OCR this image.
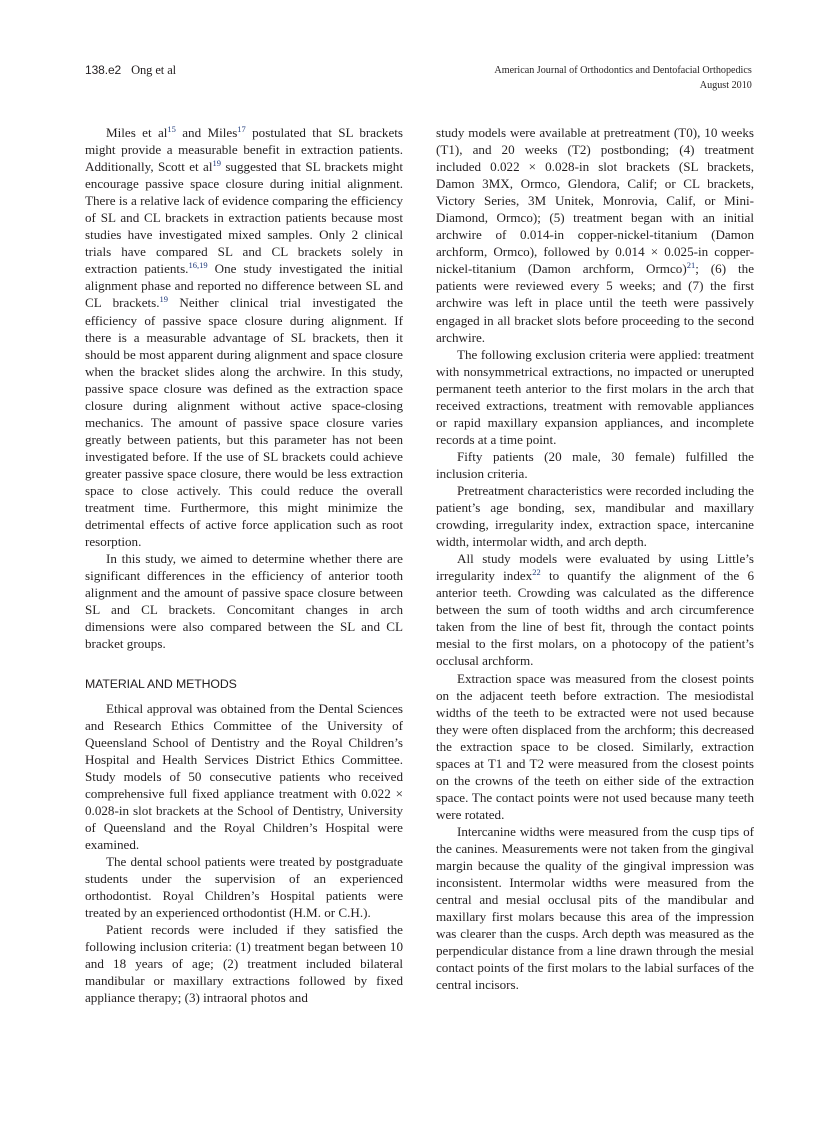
138.e2 Ong et al	American Journal of Orthodontics and Dentofacial Orthopedics
August 2010

Miles et $al^{15}$ and Miles$^{17}$ postulated that SL brackets might provide a measurable benefit in extraction patients. Additionally, Scott et $al^{19}$ suggested that SL brackets might encourage passive space closure during initial alignment. There is a relative lack of evidence comparing the efficiency of SL and CL brackets in extraction patients because most studies have investigated mixed samples. Only 2 clinical trials have compared SL and CL brackets solely in extraction patients.$^{16,19}$ One study investigated the initial alignment phase and reported no difference between SL and CL brackets.$^{19}$ Neither clinical trial investigated the efficiency of passive space closure during alignment. If there is a measurable advantage of SL brackets, then it should be most apparent during alignment and space closure when the bracket slides along the archwire. In this study, passive space closure was defined as the extraction space closure during alignment without active space-closing mechanics. The amount of passive space closure varies greatly between patients, but this parameter has not been investigated before. If the use of SL brackets could achieve greater passive space closure, there would be less extraction space to close actively. This could reduce the overall treatment time. Furthermore, this might minimize the detrimental effects of active force application such as root resorption.

In this study, we aimed to determine whether there are significant differences in the efficiency of anterior tooth alignment and the amount of passive space closure between SL and CL brackets. Concomitant changes in arch dimensions were also compared between the SL and CL bracket groups.

MATERIAL AND METHODS

Ethical approval was obtained from the Dental Sciences and Research Ethics Committee of the University of Queensland School of Dentistry and the Royal Children’s Hospital and Health Services District Ethics Committee. Study models of 50 consecutive patients who received comprehensive full fixed appliance treatment with 0.022 × 0.028-in slot brackets at the School of Dentistry, University of Queensland and the Royal Children’s Hospital were examined.

The dental school patients were treated by postgraduate students under the supervision of an experienced orthodontist. Royal Children’s Hospital patients were treated by an experienced orthodontist (H.M. or C.H.).

Patient records were included if they satisfied the following inclusion criteria: (1) treatment began between 10 and 18 years of age; (2) treatment included bilateral mandibular or maxillary extractions followed by fixed appliance therapy; (3) intraoral photos and

study models were available at pretreatment (T0), 10 weeks (T1), and 20 weeks (T2) postbonding; (4) treatment included 0.022 × 0.028-in slot brackets (SL brackets, Damon 3MX, Ormco, Glendora, Calif; or CL brackets, Victory Series, 3M Unitek, Monrovia, Calif, or Mini-Diamond, Ormco); (5) treatment began with an initial archwire of 0.014-in copper-nickel-titanium (Damon archform, Ormco), followed by 0.014 × 0.025-in copper-nickel-titanium (Damon archform, Ormco)$^{21}$; (6) the patients were reviewed every 5 weeks; and (7) the first archwire was left in place until the teeth were passively engaged in all bracket slots before proceeding to the second archwire.

The following exclusion criteria were applied: treatment with nonsymmetrical extractions, no impacted or unerupted permanent teeth anterior to the first molars in the arch that received extractions, treatment with removable appliances or rapid maxillary expansion appliances, and incomplete records at a time point.

Fifty patients (20 male, 30 female) fulfilled the inclusion criteria.

Pretreatment characteristics were recorded including the patient’s age bonding, sex, mandibular and maxillary crowding, irregularity index, extraction space, intercanine width, intermolar width, and arch depth.

All study models were evaluated by using Little’s irregularity index$^{22}$ to quantify the alignment of the 6 anterior teeth. Crowding was calculated as the difference between the sum of tooth widths and arch circumference taken from the line of best fit, through the contact points mesial to the first molars, on a photocopy of the patient’s occlusal archform.

Extraction space was measured from the closest points on the adjacent teeth before extraction. The mesiodistal widths of the teeth to be extracted were not used because they were often displaced from the archform; this decreased the extraction space to be closed. Similarly, extraction spaces at T1 and T2 were measured from the closest points on the crowns of the teeth on either side of the extraction space. The contact points were not used because many teeth were rotated.

Intercanine widths were measured from the cusp tips of the canines. Measurements were not taken from the gingival margin because the quality of the gingival impression was inconsistent. Intermolar widths were measured from the central and mesial occlusal pits of the mandibular and maxillary first molars because this area of the impression was clearer than the cusps. Arch depth was measured as the perpendicular distance from a line drawn through the mesial contact points of the first molars to the labial surfaces of the central incisors.
